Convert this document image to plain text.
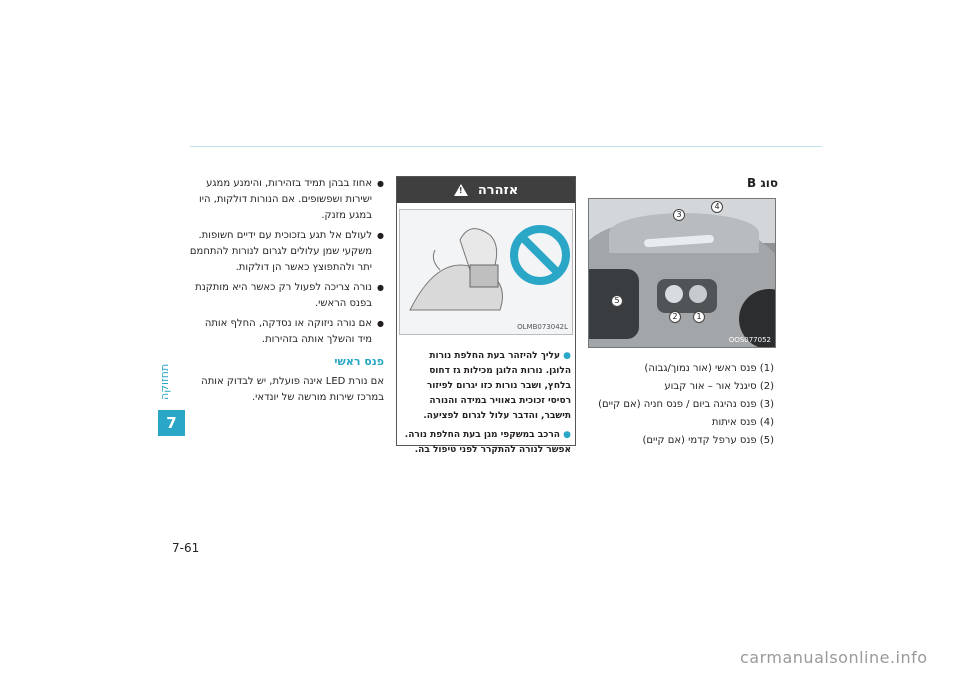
תחזוקה
7
7-61
carmanualsonline.info
סוג B
3
4
5
2	1
OOS077052
(1) פנס ראשי (אור נמוך/גבוה)
(2) סיגנל אור – אור קבוע
(3) פנס נהיגה ביום / פנס חניה (אם קיים)
(4) פנס איתות
(5) פנס ערפל קדמי (אם קיים)
אזהרה
!
OLMB073042L

● עליך להיזהר בעת החלפת נורות הלוגן. נורות הלוגן מכילות גז דחוס בלחץ, ושבר נורות כזו יגרום לפיזור רסיסי זכוכית באוויר במידה והנורה תישבר, והדבר עלול לגרום לפציעה.

● הרכב במשקפי מגן בעת החלפת נורה. אפשר לנורה להתקרר לפני טיפול בה.

● אחוז בבהן תמיד בזהירות, והימנע ממגע ישירות ושפשופים. אם הנורות דולקות, היו במגע מזנק.
● לעולם אל תגע בזכוכית עם ידיים חשופות. משקעי שמן עלולים לגרום לנורות להתחמם יתר ולהתפוצץ כאשר הן דולקות.
● נורה צריכה לפעול רק כאשר היא מותקנת בפנס הראשי.
● אם נורה ניזוקה או נסדקה, החלף אותה מיד והשלך אותה בזהירות.
פנס ראשי

אם נורת LED אינה פועלת, יש לבדוק אותה במרכז שירות מורשה של יונדאי.
